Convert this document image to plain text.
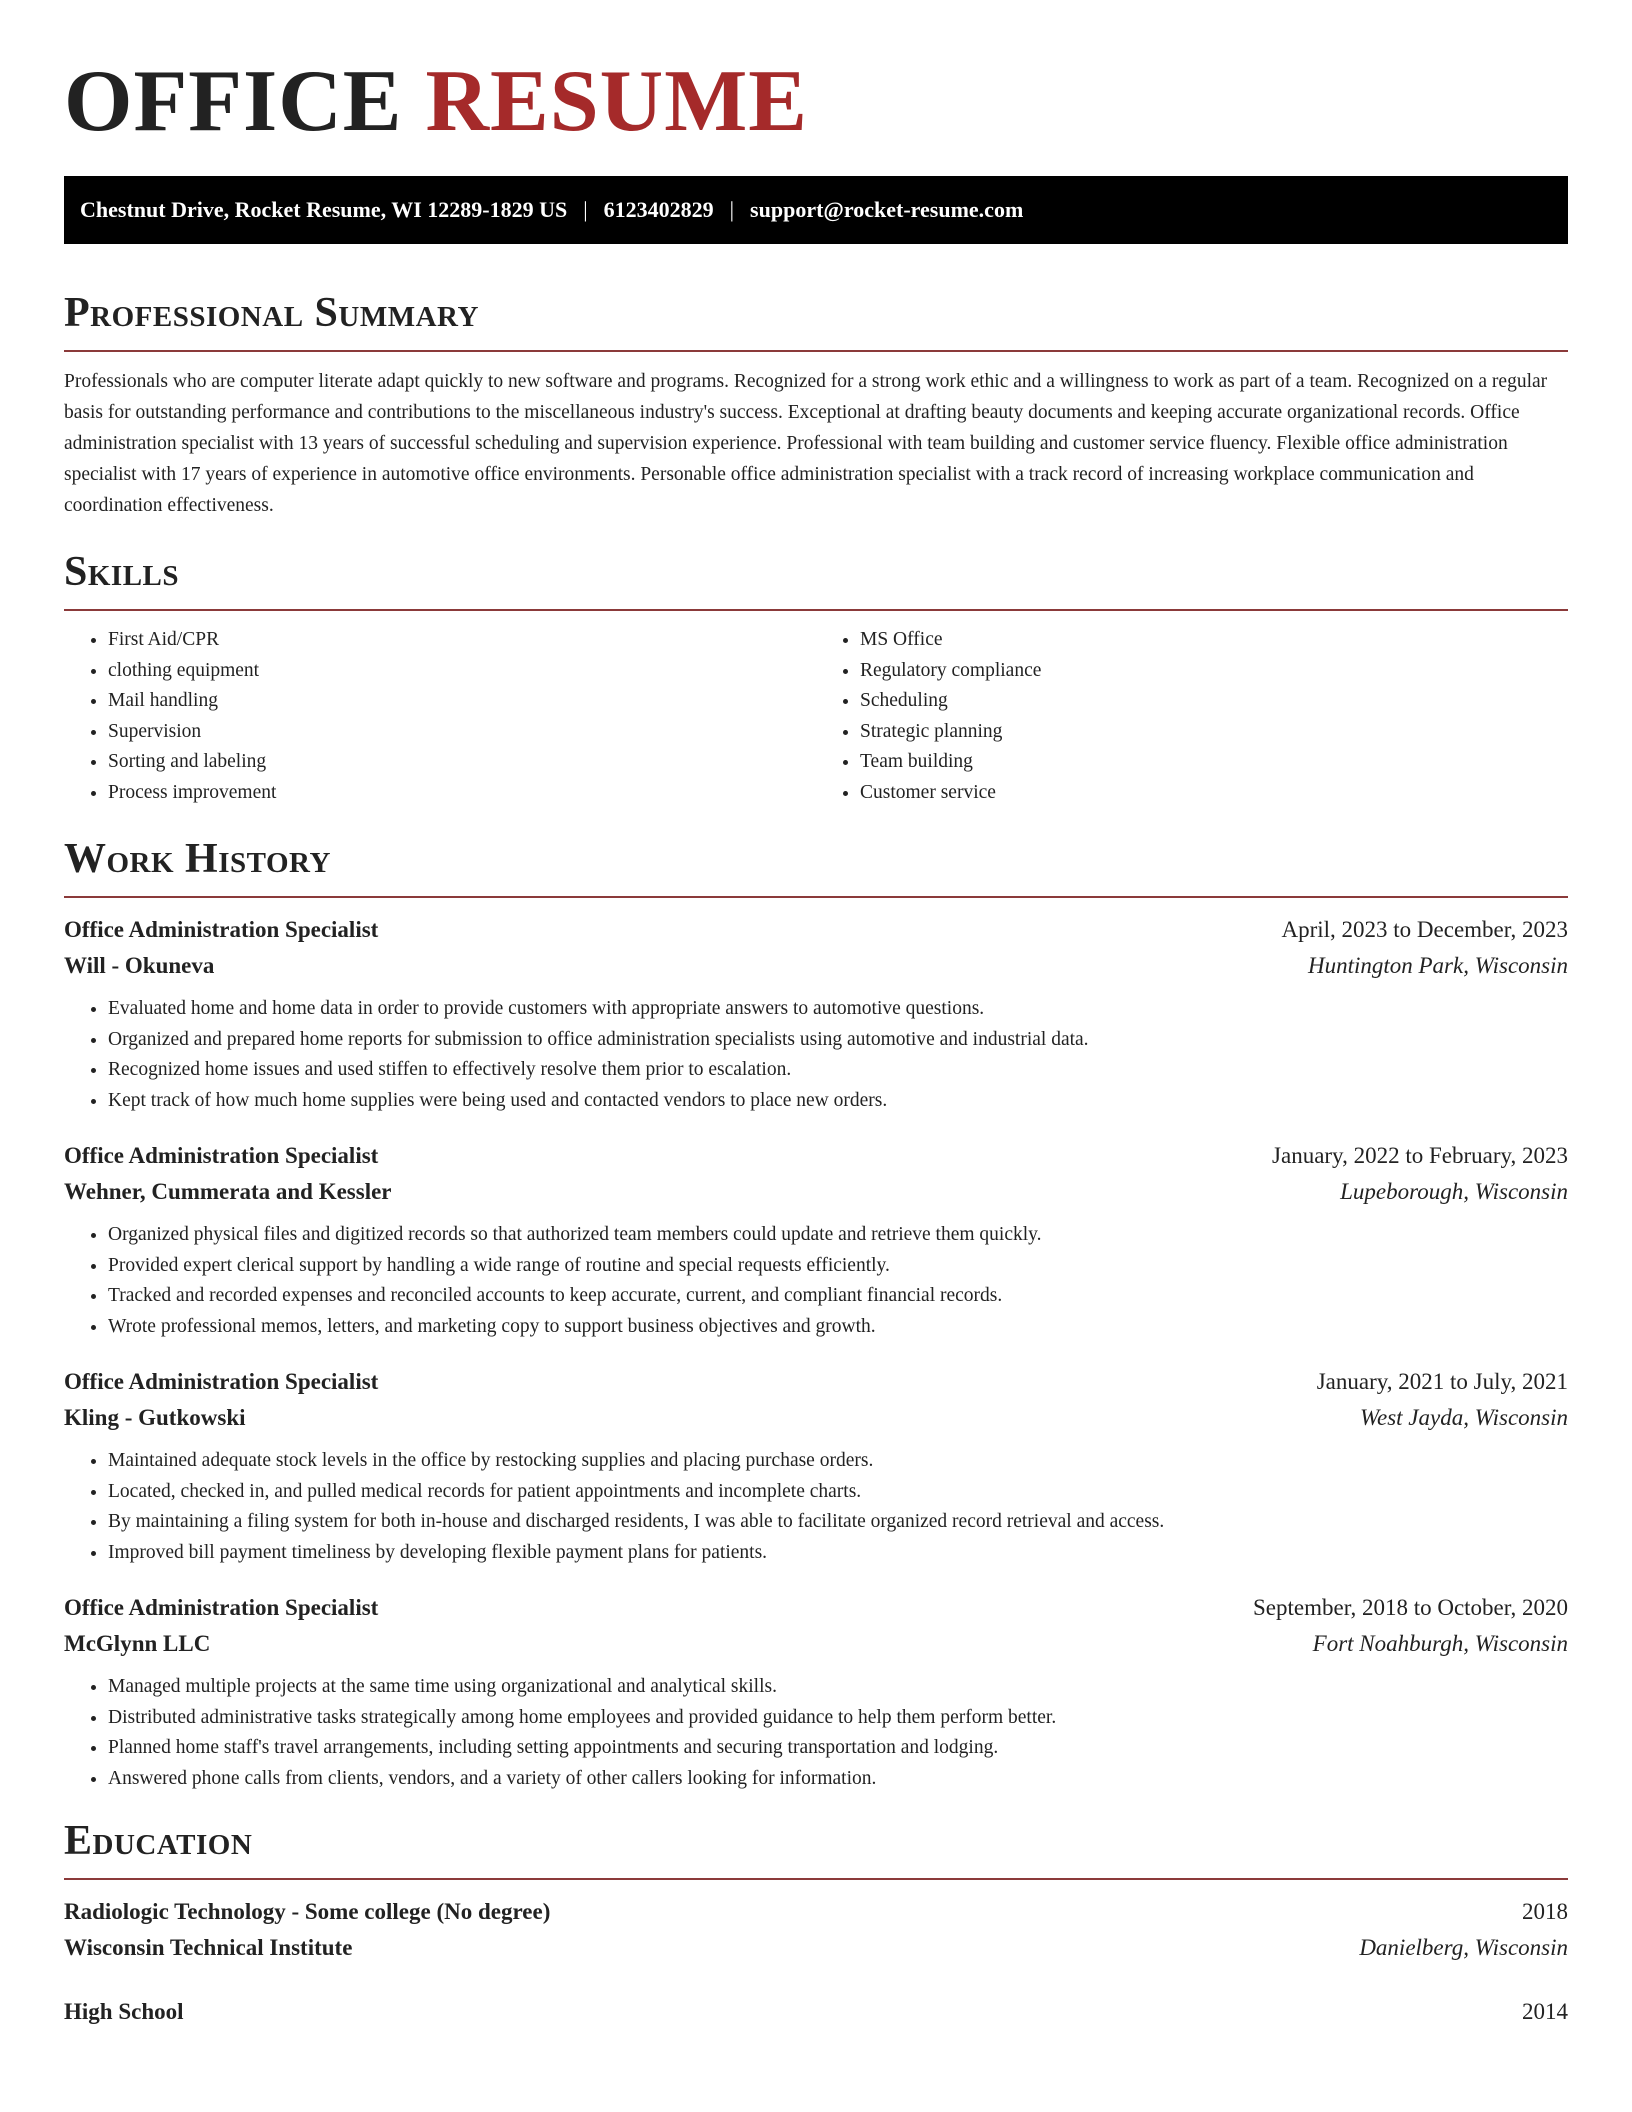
OFFICE RESUME
Chestnut Drive, Rocket Resume, WI 12289-1829 US | 6123402829 | support@rocket-resume.com
Professional Summary

Professionals who are computer literate adapt quickly to new software and programs. Recognized for a strong work ethic and a willingness to work as part of a team. Recognized on a regular basis for outstanding performance and contributions to the miscellaneous industry's success. Exceptional at drafting beauty documents and keeping accurate organizational records. Office administration specialist with 13 years of successful scheduling and supervision experience. Professional with team building and customer service fluency. Flexible office administration specialist with 17 years of experience in automotive office environments. Personable office administration specialist with a track record of increasing workplace communication and coordination effectiveness.

Skills
• First Aid/CPR
• clothing equipment
• Mail handling
• Supervision
• Sorting and labeling
• Process improvement
• MS Office
• Regulatory compliance
• Scheduling
• Strategic planning
• Team building
• Customer service
Work History
Office Administration Specialist	April, 2023 to December, 2023
Will - Okuneva	Huntington Park, Wisconsin
• Evaluated home and home data in order to provide customers with appropriate answers to automotive questions.
• Organized and prepared home reports for submission to office administration specialists using automotive and industrial data.
• Recognized home issues and used stiffen to effectively resolve them prior to escalation.
• Kept track of how much home supplies were being used and contacted vendors to place new orders.
Office Administration Specialist	January, 2022 to February, 2023
Wehner, Cummerata and Kessler	Lupeborough, Wisconsin
• Organized physical files and digitized records so that authorized team members could update and retrieve them quickly.
• Provided expert clerical support by handling a wide range of routine and special requests efficiently.
• Tracked and recorded expenses and reconciled accounts to keep accurate, current, and compliant financial records.
• Wrote professional memos, letters, and marketing copy to support business objectives and growth.
Office Administration Specialist	January, 2021 to July, 2021
Kling - Gutkowski	West Jayda, Wisconsin
• Maintained adequate stock levels in the office by restocking supplies and placing purchase orders.
• Located, checked in, and pulled medical records for patient appointments and incomplete charts.
• By maintaining a filing system for both in-house and discharged residents, I was able to facilitate organized record retrieval and access.
• Improved bill payment timeliness by developing flexible payment plans for patients.
Office Administration Specialist	September, 2018 to October, 2020
McGlynn LLC	Fort Noahburgh, Wisconsin
• Managed multiple projects at the same time using organizational and analytical skills.
• Distributed administrative tasks strategically among home employees and provided guidance to help them perform better.
• Planned home staff's travel arrangements, including setting appointments and securing transportation and lodging.
• Answered phone calls from clients, vendors, and a variety of other callers looking for information.
Education
Radiologic Technology - Some college (No degree)	2018
Wisconsin Technical Institute	Danielberg, Wisconsin
High School	2014
